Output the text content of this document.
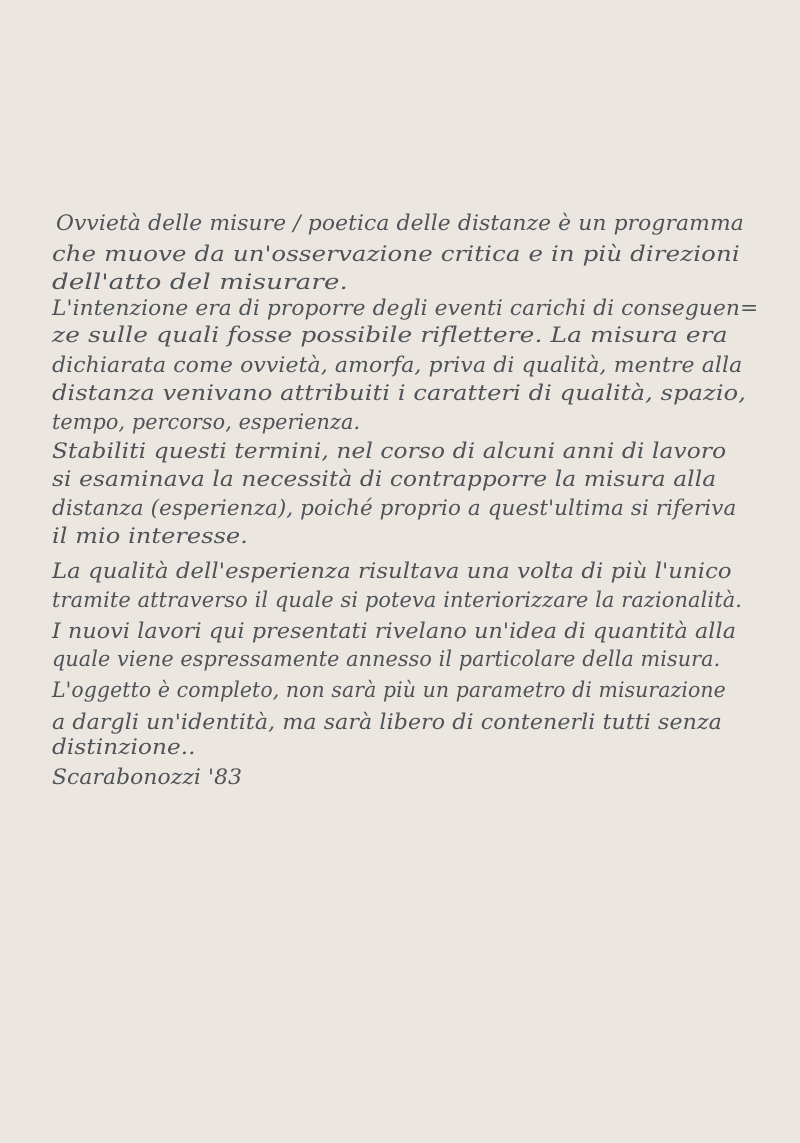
Ovvietà delle misure / poetica delle distanze è un programma

che muove da un'osservazione critica e in più direzioni

dell'atto del misurare.

L'intenzione era di proporre degli eventi carichi di conseguen=

ze sulle quali fosse possibile riflettere. La misura era

dichiarata come ovvietà, amorfa, priva di qualità, mentre alla

distanza venivano attribuiti i caratteri di qualità, spazio,

tempo, percorso, esperienza.

Stabiliti questi termini, nel corso di alcuni anni di lavoro

si esaminava la necessità di contrapporre la misura alla

distanza (esperienza), poiché proprio a quest'ultima si riferiva

il mio interesse.

La qualità dell'esperienza risultava una volta di più l'unico

tramite attraverso il quale si poteva interiorizzare la razionalità.

I nuovi lavori qui presentati rivelano un'idea di quantità alla

quale viene espressamente annesso il particolare della misura.

L'oggetto è completo, non sarà più un parametro di misurazione

a dargli un'identità, ma sarà libero di contenerli tutti senza

distinzione..

Scarabonozzi '83
